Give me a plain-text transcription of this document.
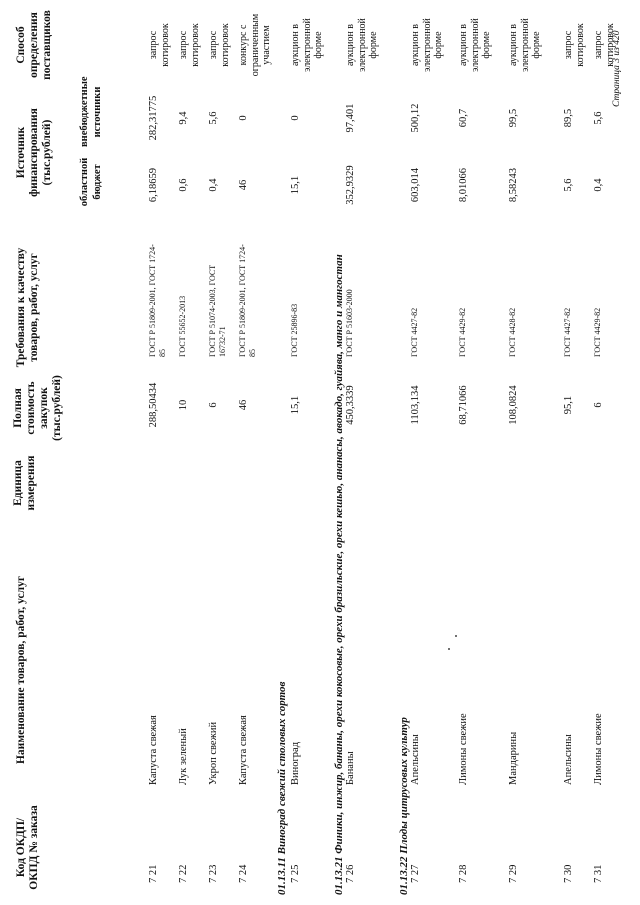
Код ОКДП/ ОКПД № заказа
Наименование товаров, работ, услуг
Единица измерения
Полная стоимость закупок (тыс.рублей)
Требования к качеству товаров, работ, услуг
Источник финансирования (тыс.рублей) областной бюджет
внебюджетные источники
Способ определения поставщиков
7 21
Капуста свежая
288,50434
ГОСТ Р 51809-2001, ГОСТ 1724-85
6,18659
282,31775
запрос котировок
7 22
Лук зеленый
10
ГОСТ 55652-2013
0,6
9,4
запрос котировок
7 23
Укроп свежий
6
ГОСТ Р 51074-2003, ГОСТ 16732-71
0,4
5,6
запрос котировок
7 24
Капуста свежая
46
ГОСТ Р 51809-2001, ГОСТ 1724-85
46
0
конкурс с ограниченным участием
01.13.11 Виноград свежий столовых сортов
7 25
Виноград
15,1
ГОСТ 25896-83
15,1
0
аукцион в электронной форме
01.13.21 Финики, инжир, бананы, орехи кокосовые, орехи бразильские, орехи кешью, ананасы, авокадо, гуайява, манго и мангостан
7 26
Бананы
450,3339
ГОСТ Р 51603-2000
352,9329
97,401
аукцион в электронной форме
01.13.22 Плоды цитрусовых культур
7 27
Апельсины
1103,134
ГОСТ 4427-82
603,014
500,12
аукцион в электронной форме
7 28
Лимоны свежие
68,71066
ГОСТ 4429-82
8,01066
60,7
аукцион в электронной форме
7 29
Мандарины
108,0824
ГОСТ 4428-82
8,58243
99,5
аукцион в электронной форме
7 30
Апельсины
95,1
ГОСТ 4427-82
5,6
89,5
запрос котировок
7 31
Лимоны свежие
6
ГОСТ 4429-82
0,4
5,6
запрос котировок
Страница 3 из 420
